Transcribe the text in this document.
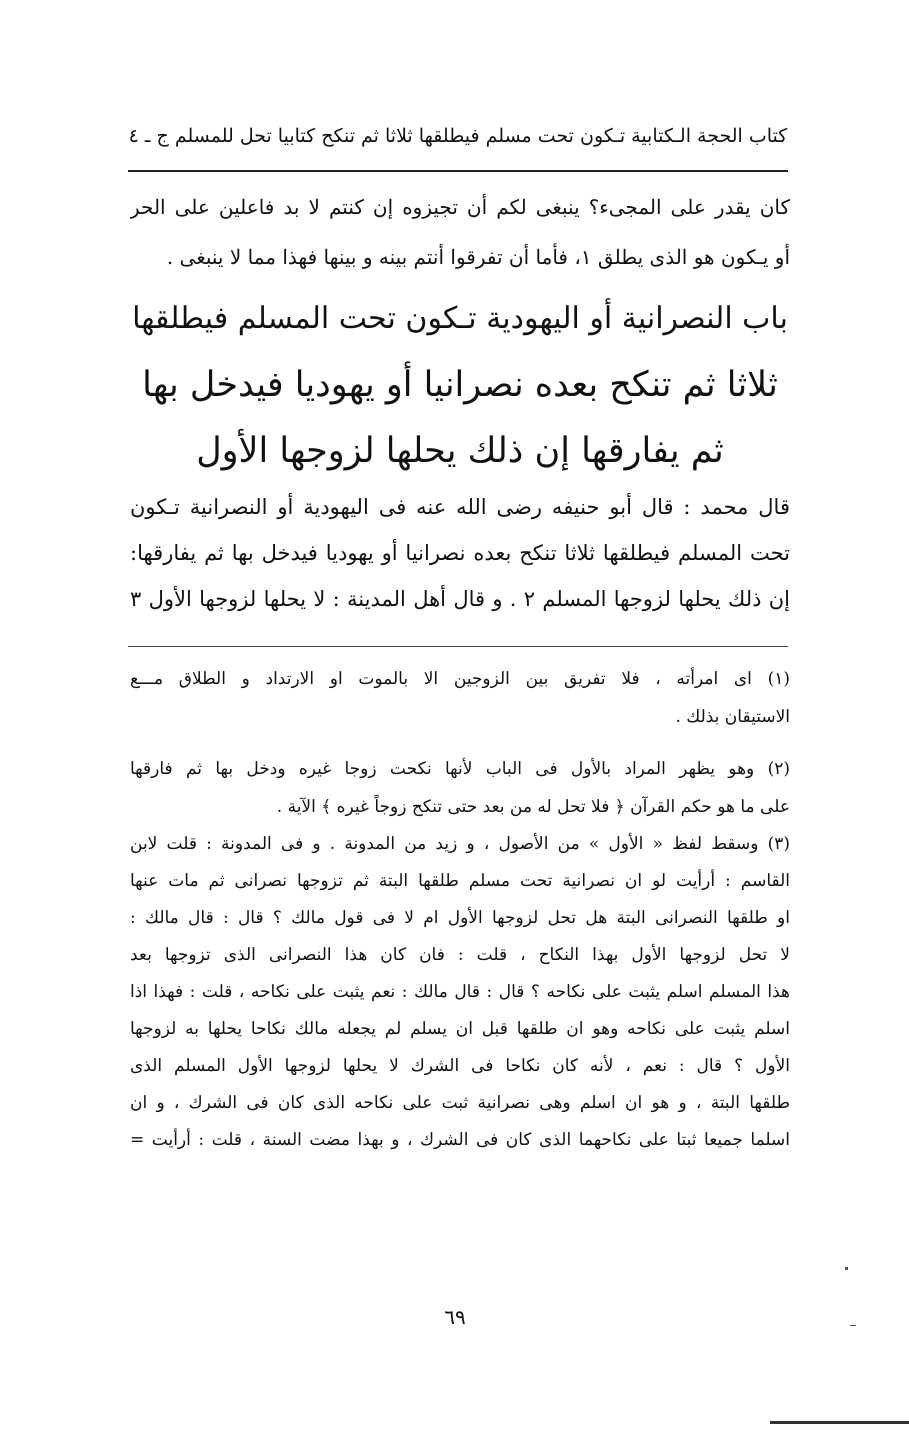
كتاب الحجة الـكتابية تـكون تحت مسلم فيطلقها ثلاثا ثم تنكح كتابيا تحل للمسلم ج ـ ٤
كان يقدر على المجىء؟ ينبغى لكم أن تجيزوه إن كنتم لا بد فاعلين على الحر
أو يـكون هو الذى يطلق ١، فأما أن تفرقوا أنتم بينه و بينها فهذا مما لا ينبغى .
باب النصرانية أو اليهودية تـكون تحت المسلم فيطلقها
ثلاثا ثم تنكح بعده نصرانيا أو يهوديا فيدخل بها
ثم يفارقها إن ذلك يحلها لزوجها الأول
قال محمد : قال أبو حنيفه رضى الله عنه فى اليهودية أو النصرانية تـكون
تحت المسلم فيطلقها ثلاثا تنكح بعده نصرانيا أو يهوديا فيدخل بها ثم يفارقها:
إن ذلك يحلها لزوجها المسلم ٢ . و قال أهل المدينة : لا يحلها لزوجها الأول ٣
(١) اى امرأته ، فلا تفريق بين الزوجين الا بالموت او الارتداد و الطلاق مـــع
الاستيقان بذلك .
(٢) وهو يظهر المراد بالأول فى الباب لأنها نكحت زوجا غيره ودخل بها ثم فارقها
على ما هو حكم القرآن ﴿ فلا تحل له من بعد حتى تنكح زوجاً غيره ﴾ الآية .
(٣) وسقط لفظ « الأول » من الأصول ، و زيد من المدونة . و فى المدونة : قلت لابن
القاسم : أرأيت لو ان نصرانية تحت مسلم طلقها البتة ثم تزوجها نصرانى ثم مات عنها
او طلقها النصرانى البتة هل تحل لزوجها الأول ام لا فى قول مالك ؟ قال : قال مالك :
لا تحل لزوجها الأول بهذا النكاح ، قلت : فان كان هذا النصرانى الذى تزوجها بعد
هذا المسلم اسلم يثبت على نكاحه ؟ قال : قال مالك : نعم يثبت على نكاحه ، قلت : فهذا اذا
اسلم يثبت على نكاحه وهو ان طلقها قبل ان يسلم لم يجعله مالك نكاحا يحلها به لزوجها
الأول ؟ قال : نعم ، لأنه كان نكاحا فى الشرك لا يحلها لزوجها الأول المسلم الذى
طلقها البتة ، و هو ان اسلم وهى نصرانية ثبت على نكاحه الذى كان فى الشرك ، و ان
اسلما جميعا ثبتا على نكاحهما الذى كان فى الشرك ، و بهذا مضت السنة ، قلت : أرأيت =
٦٩
